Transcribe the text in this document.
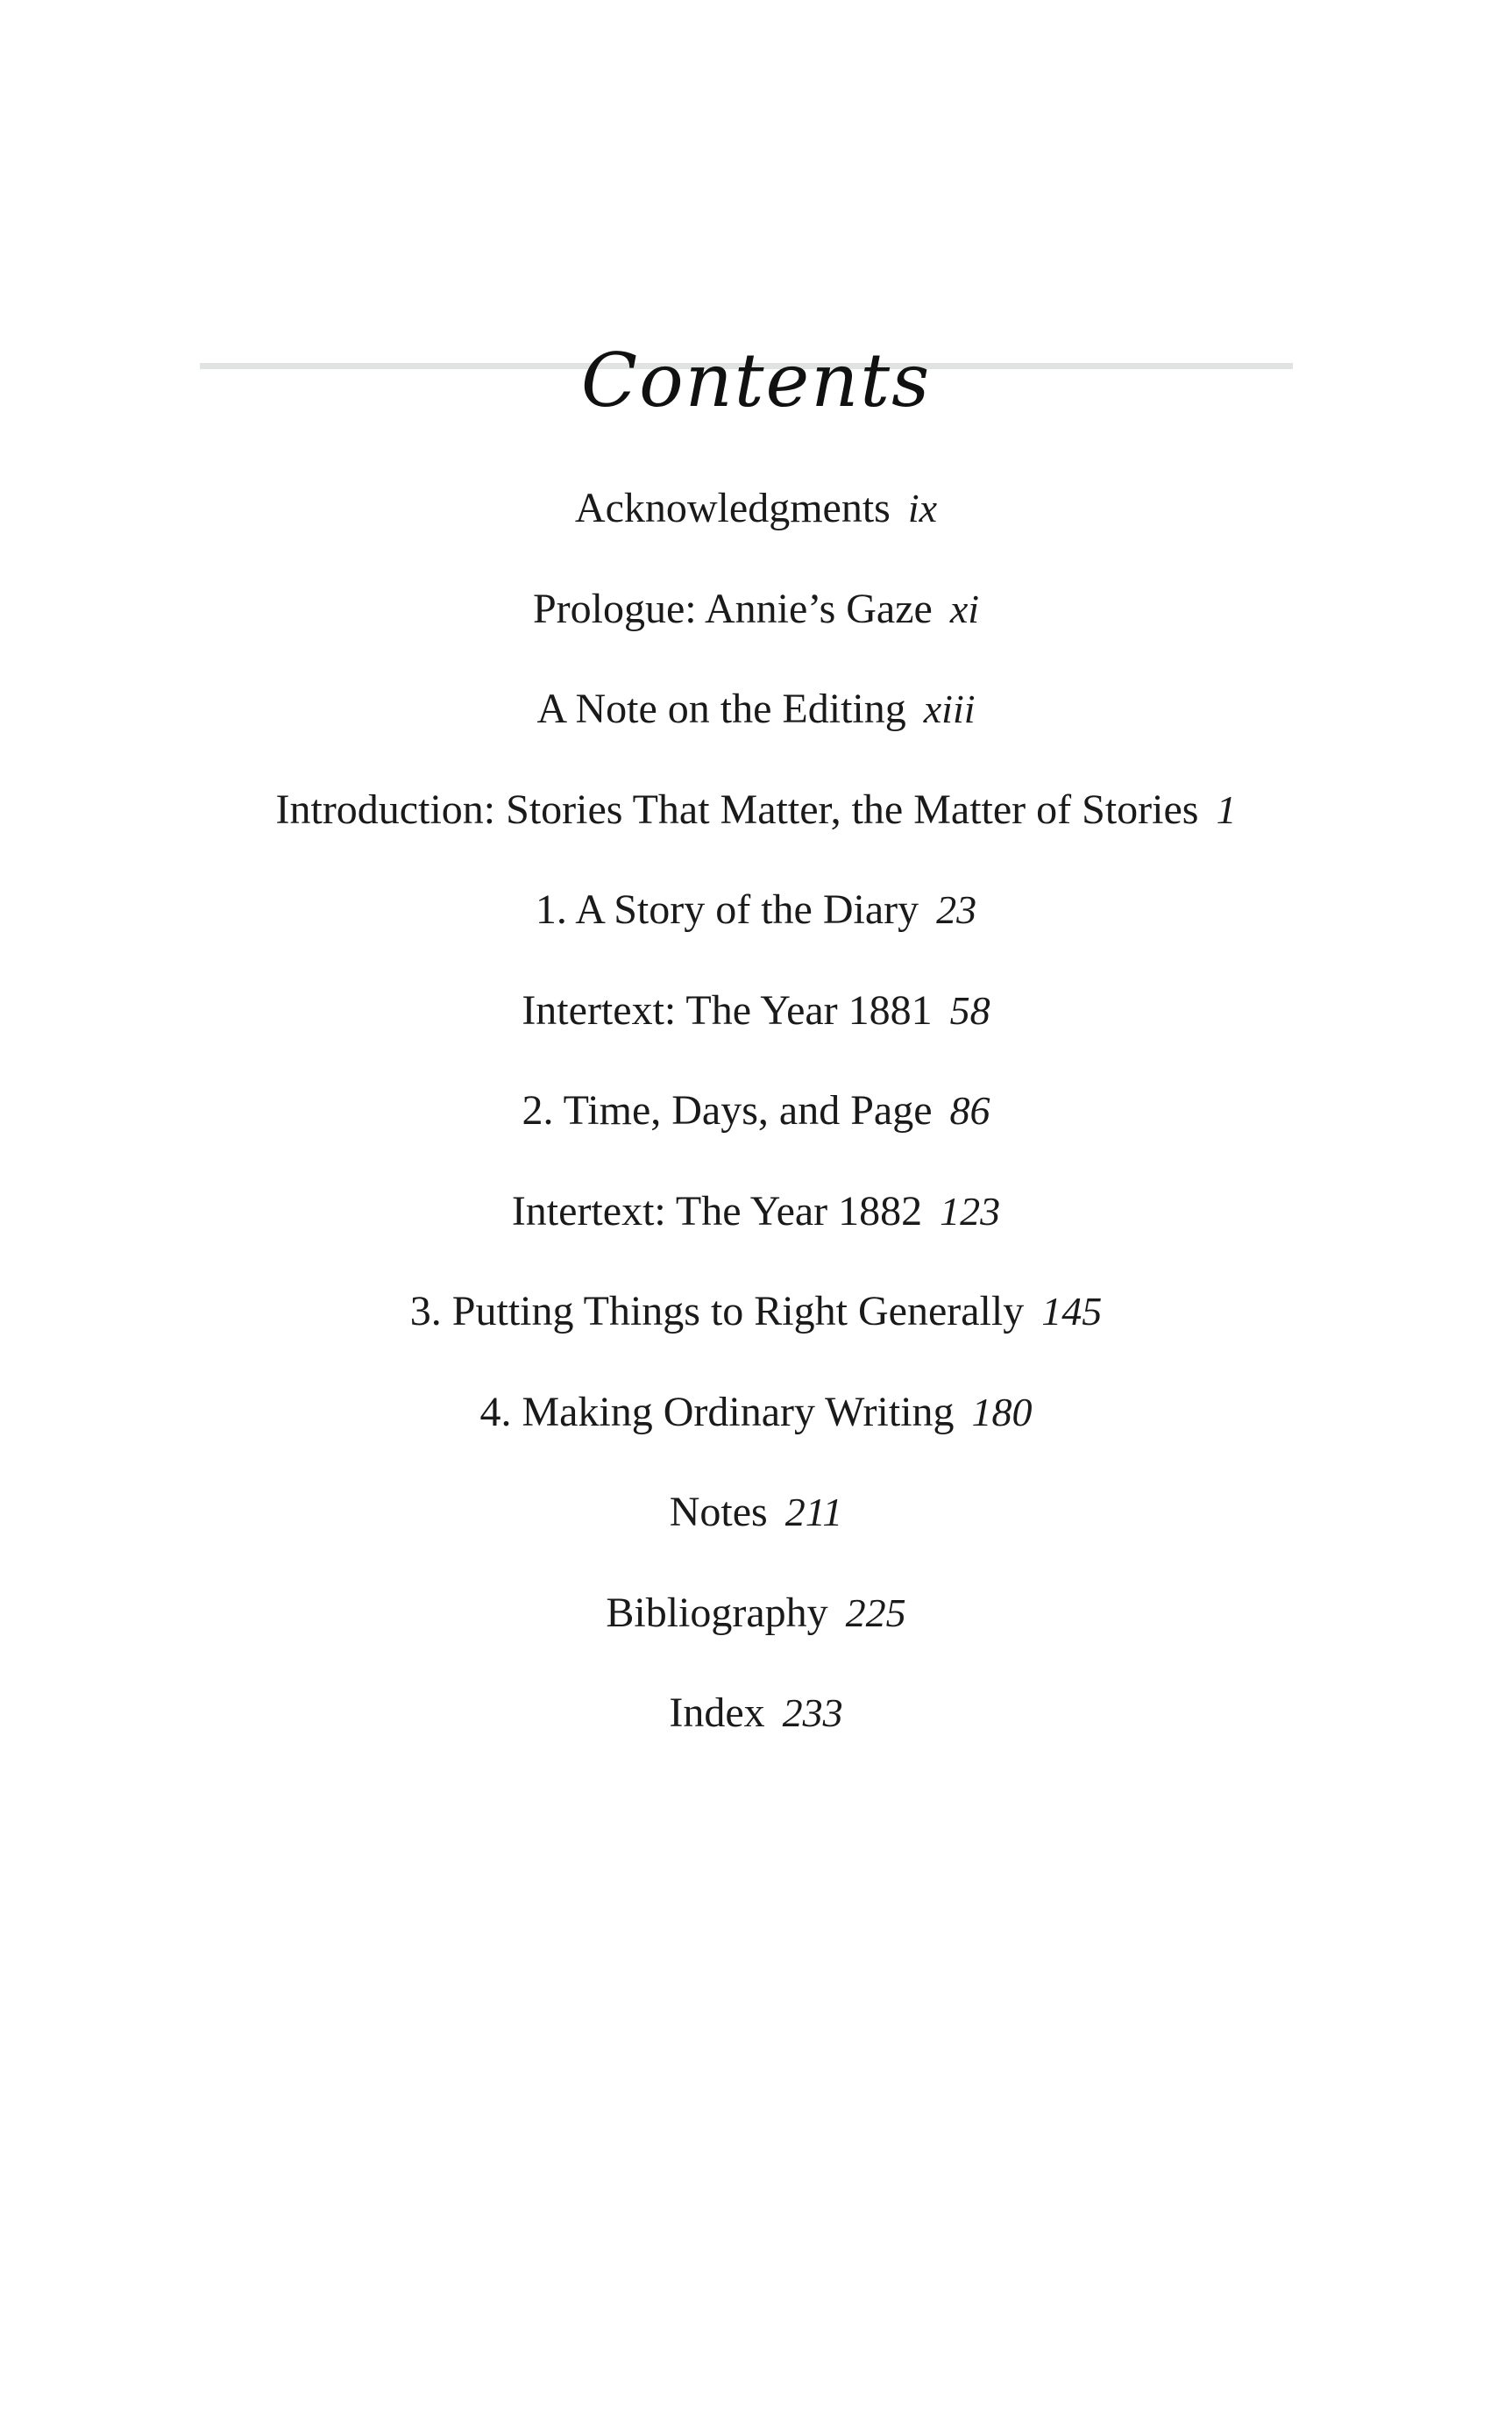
Contents
Acknowledgments ix
Prologue: Annie’s Gaze xi
A Note on the Editing xiii
Introduction: Stories That Matter, the Matter of Stories 1
1. A Story of the Diary 23
Intertext: The Year 1881 58
2. Time, Days, and Page 86
Intertext: The Year 1882 123
3. Putting Things to Right Generally 145
4. Making Ordinary Writing 180
Notes 211
Bibliography 225
Index 233
